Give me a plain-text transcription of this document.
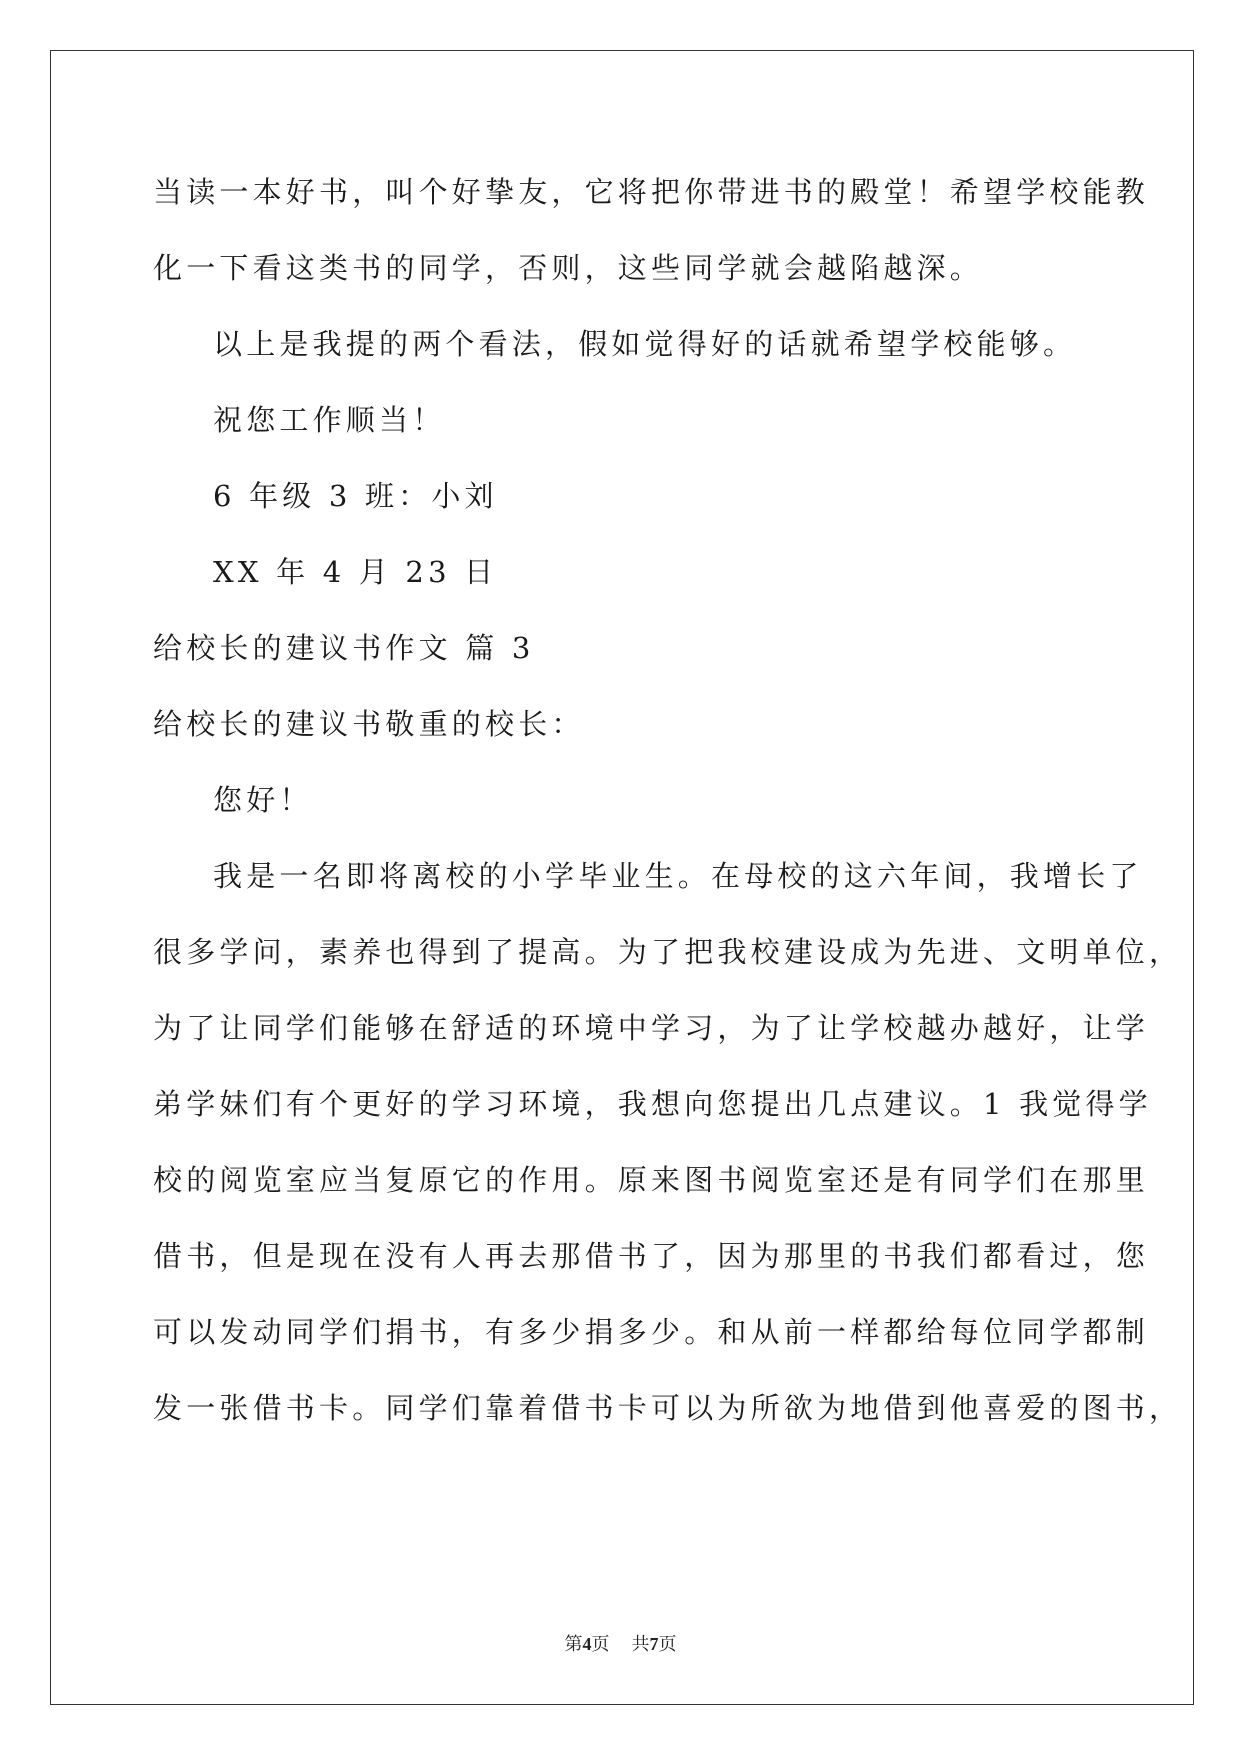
当读一本好书，叫个好挚友，它将把你带进书的殿堂！希望学校能教
化一下看这类书的同学，否则，这些同学就会越陷越深。
以上是我提的两个看法，假如觉得好的话就希望学校能够。
祝您工作顺当！
6 年级 3 班：小刘
XX 年 4 月 23 日
给校长的建议书作文 篇 3
给校长的建议书敬重的校长：
您好！
我是一名即将离校的小学毕业生。在母校的这六年间，我增长了
很多学问，素养也得到了提高。为了把我校建设成为先进、文明单位，
为了让同学们能够在舒适的环境中学习，为了让学校越办越好，让学
弟学妹们有个更好的学习环境，我想向您提出几点建议。1 我觉得学
校的阅览室应当复原它的作用。原来图书阅览室还是有同学们在那里
借书，但是现在没有人再去那借书了，因为那里的书我们都看过，您
可以发动同学们捐书，有多少捐多少。和从前一样都给每位同学都制
发一张借书卡。同学们靠着借书卡可以为所欲为地借到他喜爱的图书，
第4页 共7页
